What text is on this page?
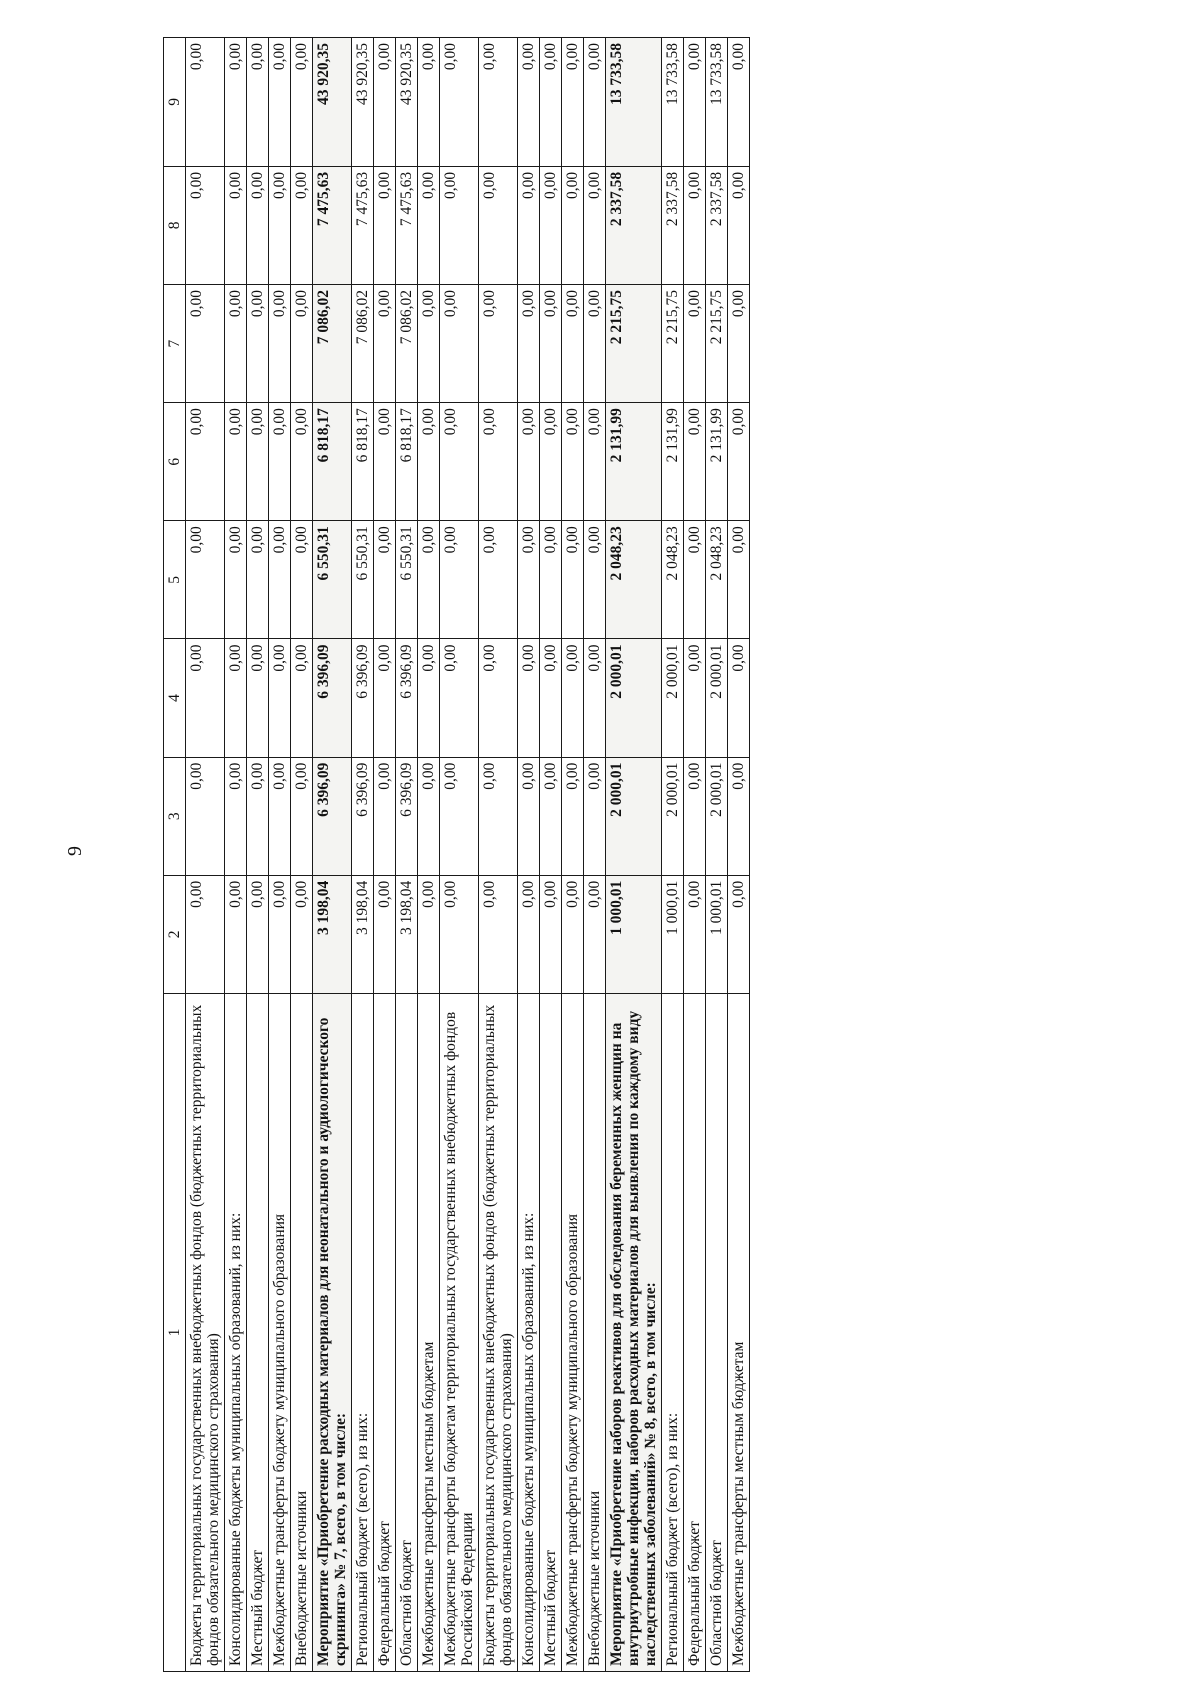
9
1	2	3	4	5	6	7	8	9
Бюджеты территориальных государственных внебюджетных фондов (бюджетных территориальных фондов обязательного медицинского страхования)	0,00	0,00	0,00	0,00	0,00	0,00	0,00	0,00
Консолидированные бюджеты муниципальных образований, из них:	0,00	0,00	0,00	0,00	0,00	0,00	0,00	0,00
Местный бюджет	0,00	0,00	0,00	0,00	0,00	0,00	0,00	0,00
Межбюджетные трансферты бюджету муниципального образования	0,00	0,00	0,00	0,00	0,00	0,00	0,00	0,00
Внебюджетные источники	0,00	0,00	0,00	0,00	0,00	0,00	0,00	0,00
Мероприятие «Приобретение расходных материалов для неонатального и аудиологического скрининга» № 7, всего, в том числе:	3 198,04	6 396,09	6 396,09	6 550,31	6 818,17	7 086,02	7 475,63	43 920,35
Региональный бюджет (всего), из них:	3 198,04	6 396,09	6 396,09	6 550,31	6 818,17	7 086,02	7 475,63	43 920,35
Федеральный бюджет	0,00	0,00	0,00	0,00	0,00	0,00	0,00	0,00
Областной бюджет	3 198,04	6 396,09	6 396,09	6 550,31	6 818,17	7 086,02	7 475,63	43 920,35
Межбюджетные трансферты местным бюджетам	0,00	0,00	0,00	0,00	0,00	0,00	0,00	0,00
Межбюджетные трансферты бюджетам территориальных государственных внебюджетных фондов Российской Федерации	0,00	0,00	0,00	0,00	0,00	0,00	0,00	0,00
Бюджеты территориальных государственных внебюджетных фондов (бюджетных территориальных фондов обязательного медицинского страхования)	0,00	0,00	0,00	0,00	0,00	0,00	0,00	0,00
Консолидированные бюджеты муниципальных образований, из них:	0,00	0,00	0,00	0,00	0,00	0,00	0,00	0,00
Местный бюджет	0,00	0,00	0,00	0,00	0,00	0,00	0,00	0,00
Межбюджетные трансферты бюджету муниципального образования	0,00	0,00	0,00	0,00	0,00	0,00	0,00	0,00
Внебюджетные источники	0,00	0,00	0,00	0,00	0,00	0,00	0,00	0,00
Мероприятие «Приобретение наборов реактивов для обследования беременных женщин на внутриутробные инфекции, наборов расходных материалов для выявления по каждому виду наследственных заболеваний» № 8, всего, в том числе:	1 000,01	2 000,01	2 000,01	2 048,23	2 131,99	2 215,75	2 337,58	13 733,58
Региональный бюджет (всего), из них:	1 000,01	2 000,01	2 000,01	2 048,23	2 131,99	2 215,75	2 337,58	13 733,58
Федеральный бюджет	0,00	0,00	0,00	0,00	0,00	0,00	0,00	0,00
Областной бюджет	1 000,01	2 000,01	2 000,01	2 048,23	2 131,99	2 215,75	2 337,58	13 733,58
Межбюджетные трансферты местным бюджетам	0,00	0,00	0,00	0,00	0,00	0,00	0,00	0,00
